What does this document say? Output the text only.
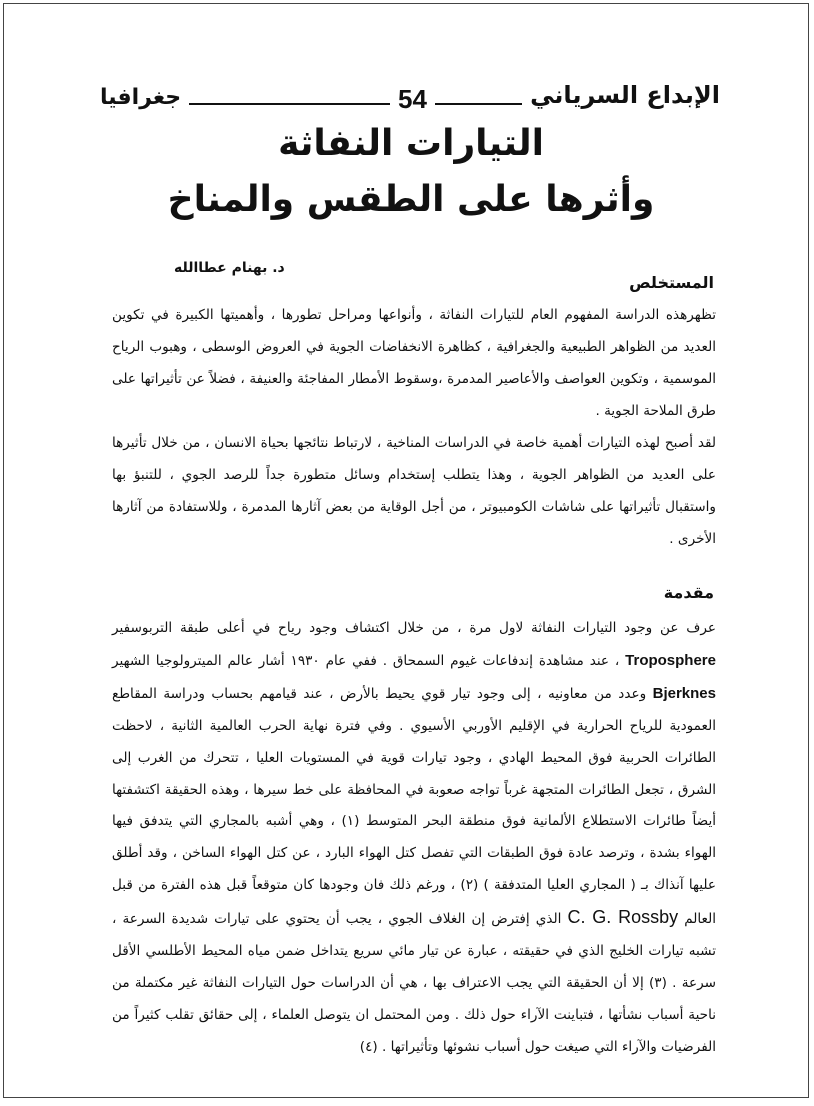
جغرافيا	54	الإبداع السرياني
التيارات النفاثة
وأثرها على الطقس والمناخ
د. بهنام عطاالله
المستخلص

تظهرهذه الدراسة المفهوم العام للتيارات النفاثة ، وأنواعها ومراحل تطورها ، وأهميتها الكبيرة في تكوين العديد من الظواهر الطبيعية والجغرافية ، كظاهرة الانخفاضات الجوية في العروض الوسطى ، وهبوب الرياح الموسمية ، وتكوين العواصف والأعاصير المدمرة ،وسقوط الأمطار المفاجئة والعنيفة ، فضلاً عن تأثيراتها على طرق الملاحة الجوية .

لقد أصبح لهذه التيارات أهمية خاصة في الدراسات المناخية ، لارتباط نتائجها بحياة الانسان ، من خلال تأثيرها على العديد من الظواهر الجوية ، وهذا يتطلب إستخدام وسائل متطورة جداً للرصد الجوي ، للتنبؤ بها واستقبال تأثيراتها على شاشات الكومبيوتر ، من أجل الوقاية من بعض آثارها المدمرة ، وللاستفادة من آثارها الأخرى .

مقدمة

عرف عن وجود التيارات النفاثة لاول مرة ، من خلال اكتشاف وجود رياح في أعلى طبقة التربوسفير Troposphere ، عند مشاهدة إندفاعات غيوم السمحاق . ففي عام ١٩٣٠ أشار عالم الميترولوجيا الشهير Bjerknes وعدد من معاونيه ، إلى وجود تيار قوي يحيط بالأرض ، عند قيامهم بحساب ودراسة المقاطع العمودية للرياح الحرارية في الإقليم الأوربي الأسيوي . وفي فترة نهاية الحرب العالمية الثانية ، لاحظت الطائرات الحربية فوق المحيط الهادي ، وجود تيارات قوية في المستويات العليا ، تتحرك من الغرب إلى الشرق ، تجعل الطائرات المتجهة غرباً تواجه صعوبة في المحافظة على خط سيرها ، وهذه الحقيقة اكتشفتها أيضاً طائرات الاستطلاع الألمانية فوق منطقة البحر المتوسط (١) ، وهي أشبه بالمجاري التي يتدفق فيها الهواء بشدة ، وترصد عادة فوق الطبقات التي تفصل كتل الهواء البارد ، عن كتل الهواء الساخن ، وقد أطلق عليها آنذاك بـ ( المجاري العليا المتدفقة ) (٢) ، ورغم ذلك فان وجودها كان متوقعاً قبل هذه الفترة من قبل العالم C. G. Rossby الذي إفترض إن الغلاف الجوي ، يجب أن يحتوي على تيارات شديدة السرعة ، تشبه تيارات الخليج الذي في حقيقته ، عبارة عن تيار مائي سريع يتداخل ضمن مياه المحيط الأطلسي الأقل سرعة . (٣) إلا أن الحقيقة التي يجب الاعتراف بها ، هي أن الدراسات حول التيارات النفاثة غير مكتملة من ناحية أسباب نشأتها ، فتباينت الآراء حول ذلك . ومن المحتمل ان يتوصل العلماء ، إلى حقائق تقلب كثيراً من الفرضيات والآراء التي صيغت حول أسباب نشوئها وتأثيراتها . (٤)
